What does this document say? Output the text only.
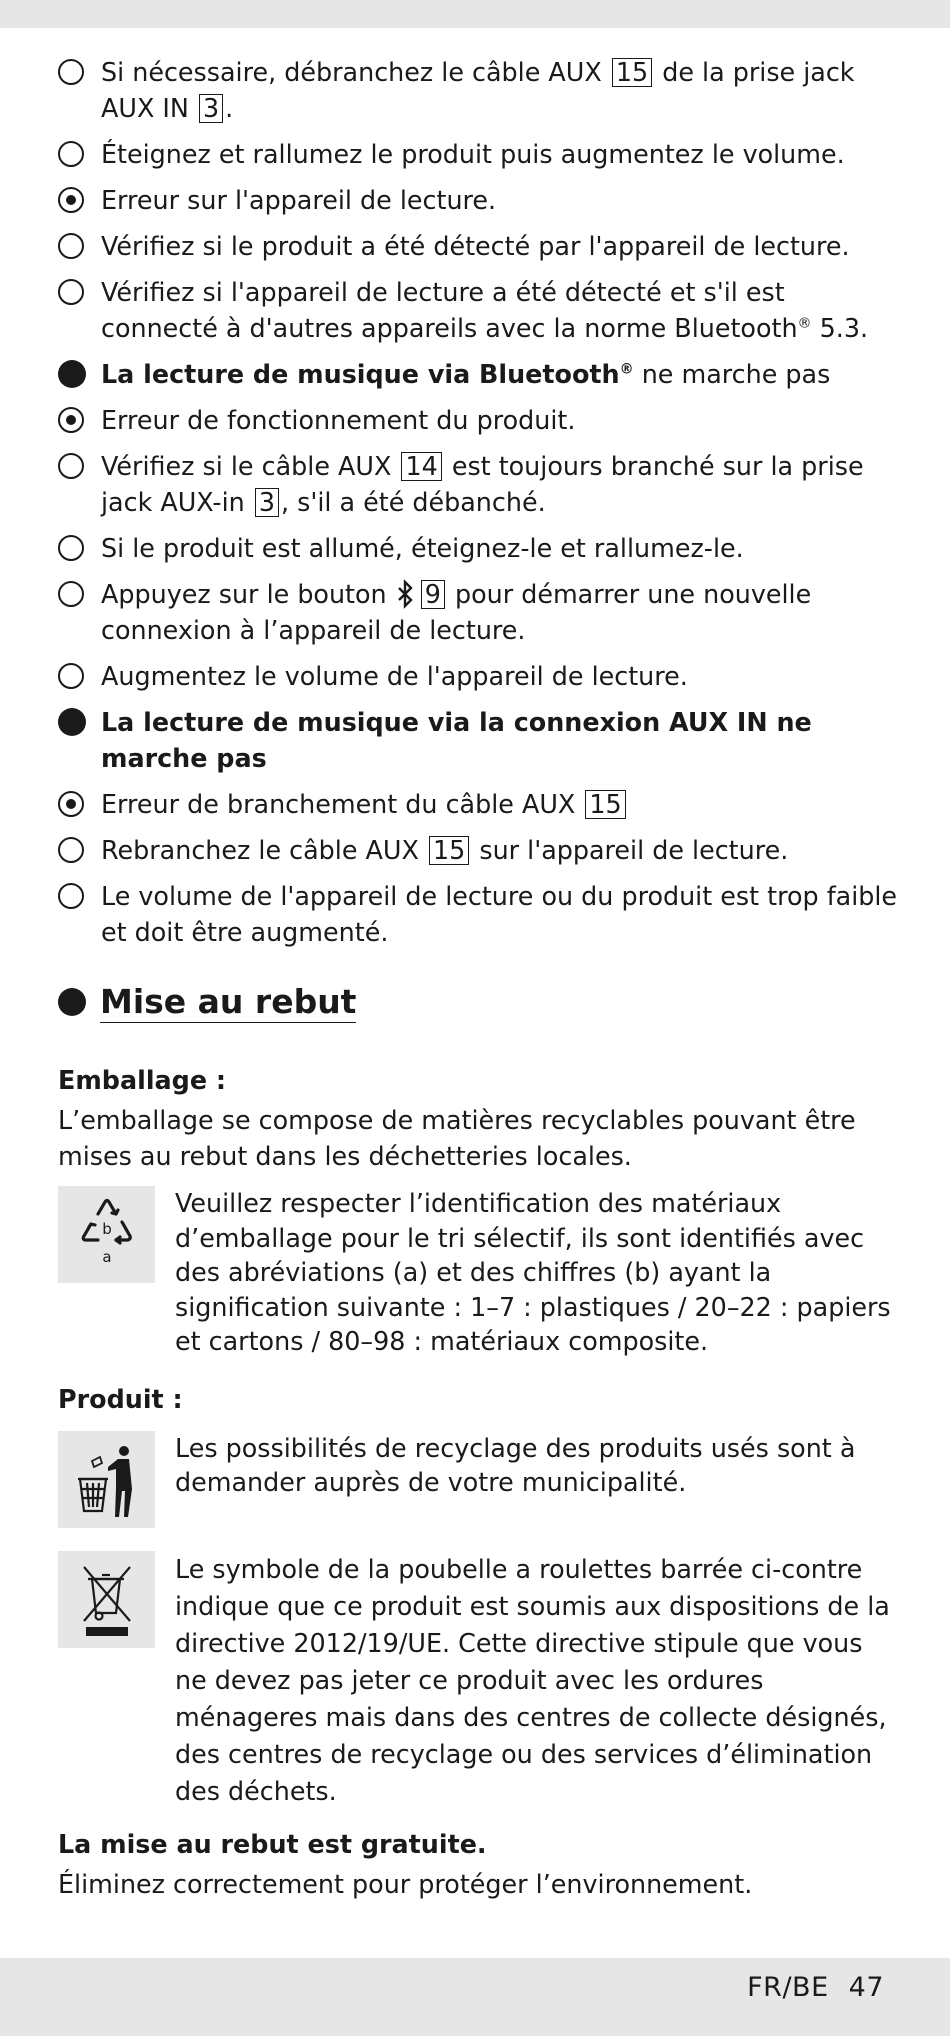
Si nécessaire, débranchez le câble AUX 15 de la prise jack AUX IN 3 .
Éteignez et rallumez le produit puis augmentez le volume.
Erreur sur l'appareil de lecture.
Vérifiez si le produit a été détecté par l'appareil de lecture.
Vérifiez si l'appareil de lecture a été détecté et s'il est connecté à d'autres appareils avec la norme Bluetooth® 5.3.
La lecture de musique via Bluetooth® ne marche pas
Erreur de fonctionnement du produit.
Vérifiez si le câble AUX 14 est toujours branché sur la prise jack AUX-in 3 , s'il a été débanché.
Si le produit est allumé, éteignez-le et rallumez-le.
Appuyez sur le bouton 9 pour démarrer une nouvelle connexion à l’appareil de lecture.
Augmentez le volume de l'appareil de lecture.
La lecture de musique via la connexion AUX IN ne marche pas
Erreur de branchement du câble AUX 15
Rebranchez le câble AUX 15 sur l'appareil de lecture.
Le volume de l'appareil de lecture ou du produit est trop faible et doit être augmenté.
Mise au rebut
Emballage :
L’emballage se compose de matières recyclables pouvant être mises au rebut dans les déchetteries locales.
b
a
Veuillez respecter l’identification des matériaux d’emballage pour le tri sélectif, ils sont identifiés avec des abréviations (a) et des chiffres (b) ayant la signification suivante : 1–7 : plastiques / 20–22 : papiers et cartons / 80–98 : matériaux composite.
Produit :
Les possibilités de recyclage des produits usés sont à demander auprès de votre municipalité.
Le symbole de la poubelle a roulettes barrée ci-contre indique que ce produit est soumis aux dispositions de la directive 2012/19/UE. Cette directive stipule que vous ne devez pas jeter ce produit avec les ordures ménageres mais dans des centres de collecte désignés, des centres de recyclage ou des services d’élimination des déchets.
La mise au rebut est gratuite.
Éliminez correctement pour protéger l’environnement.
FR/BE 47
